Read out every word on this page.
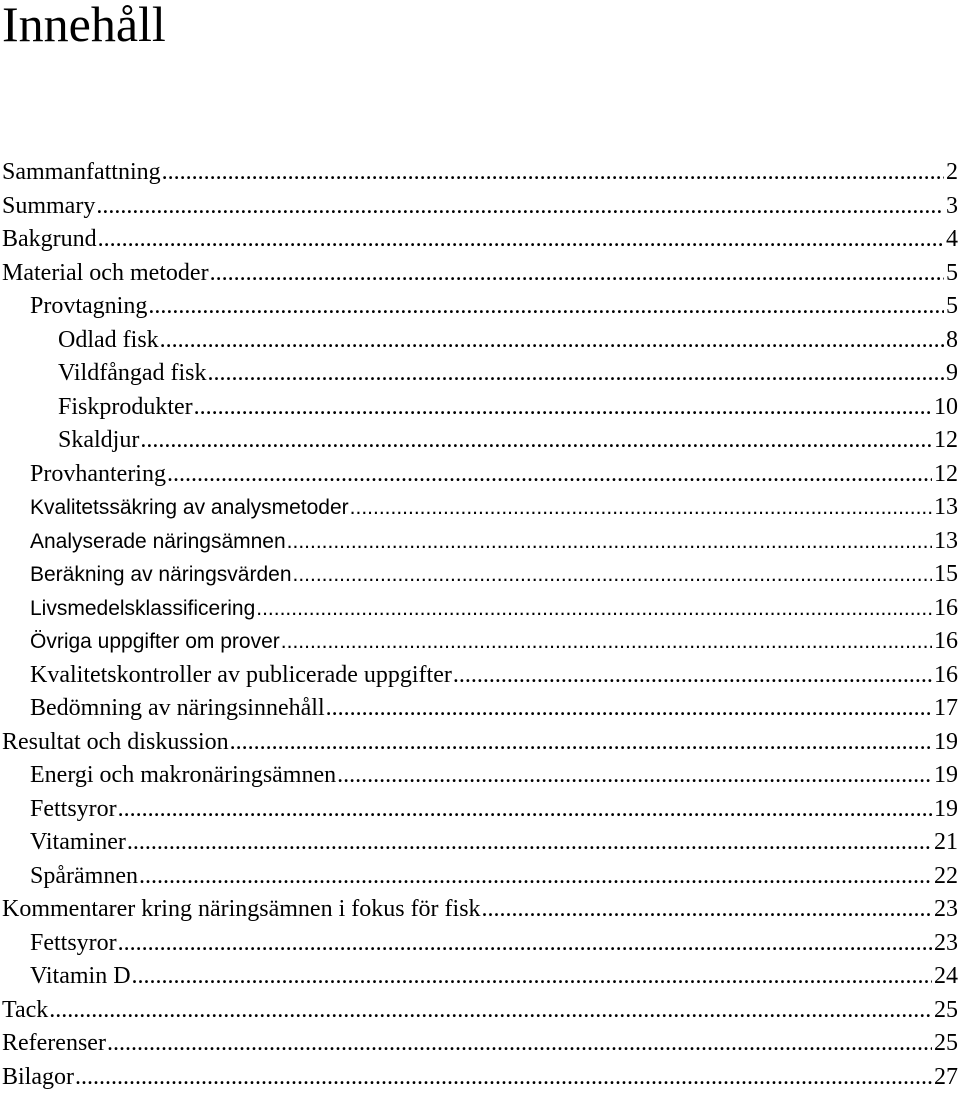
Innehåll
Sammanfattning .....	2
Summary .....	3
Bakgrund .....	4
Material och metoder .....	5
Provtagning .....	5
Odlad fisk .....	8
Vildfångad fisk .....	9
Fiskprodukter .....	10
Skaldjur .....	12
Provhantering .....	12
Kvalitetssäkring av analysmetoder .....	13
Analyserade näringsämnen .....	13
Beräkning av näringsvärden .....	15
Livsmedelsklassificering .....	16
Övriga uppgifter om prover .....	16
Kvalitetskontroller av publicerade uppgifter .....	16
Bedömning av näringsinnehåll .....	17
Resultat och diskussion .....	19
Energi och makronäringsämnen .....	19
Fettsyror .....	19
Vitaminer .....	21
Spårämnen .....	22
Kommentarer kring näringsämnen i fokus för fisk .....	23
Fettsyror .....	23
Vitamin D .....	24
Tack .....	25
Referenser .....	25
Bilagor .....	27
